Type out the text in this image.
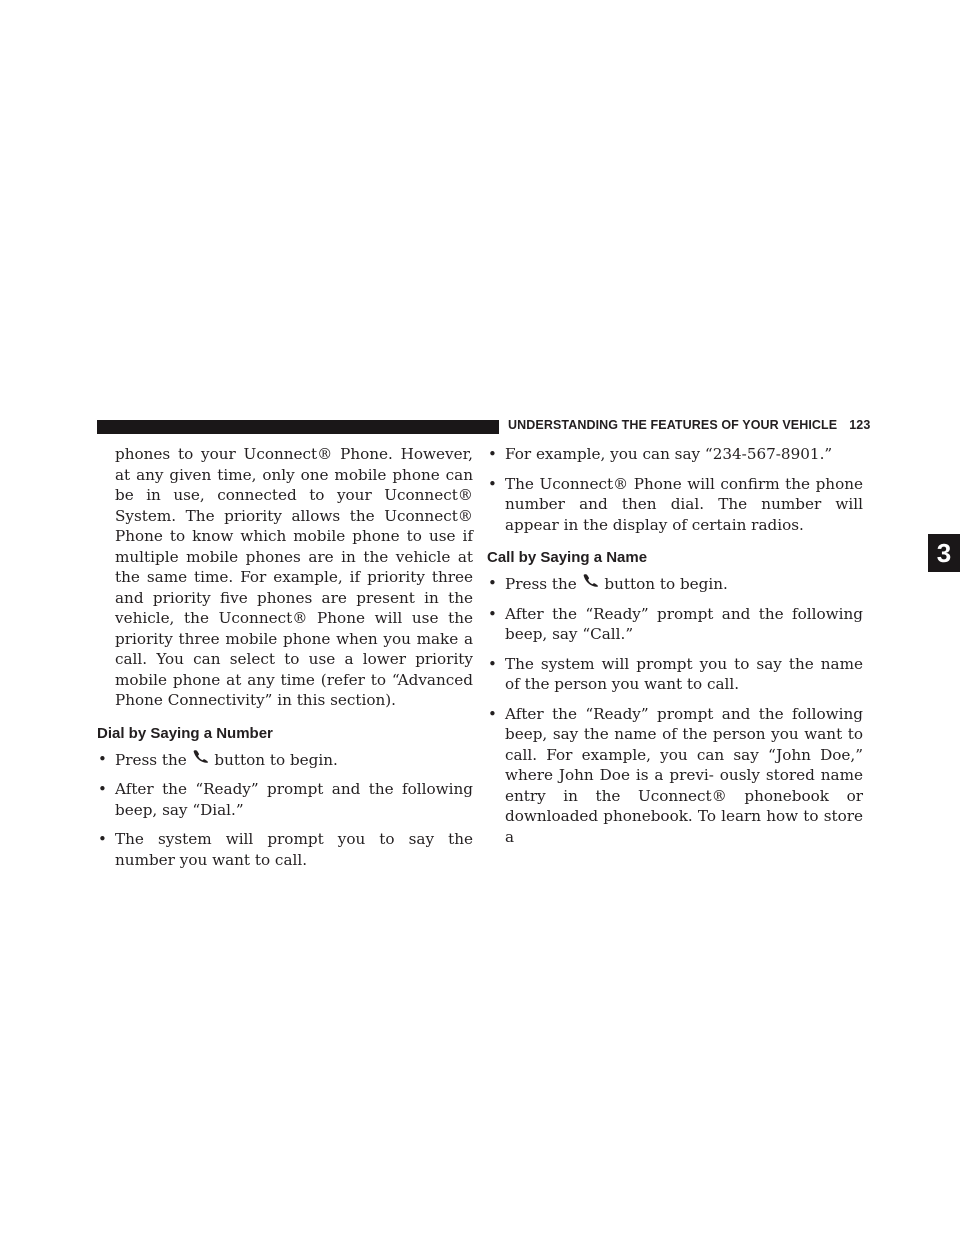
UNDERSTANDING THE FEATURES OF YOUR VEHICLE 123
3

phones to your Uconnect® Phone. However, at any given time, only one mobile phone can be in use, connected to your Uconnect® System. The priority allows the Uconnect® Phone to know which mobile phone to use if multiple mobile phones are in the vehicle at the same time. For example, if priority three and priority five phones are present in the vehicle, the Uconnect® Phone will use the priority three mobile phone when you make a call. You can select to use a lower priority mobile phone at any time (refer to “Advanced Phone Connectivity” in this section).

Dial by Saying a Number
• Press the button to begin.
• After the “Ready” prompt and the following beep, say “Dial.”
• The system will prompt you to say the number you want to call.
• For example, you can say “234-567-8901.”
• The Uconnect® Phone will confirm the phone number and then dial. The number will appear in the display of certain radios.
Call by Saying a Name
• Press the button to begin.
• After the “Ready” prompt and the following beep, say “Call.”
• The system will prompt you to say the name of the person you want to call.
• After the “Ready” prompt and the following beep, say the name of the person you want to call. For example, you can say “John Doe,” where John Doe is a previ- ously stored name entry in the Uconnect® phonebook or downloaded phonebook. To learn how to store a
